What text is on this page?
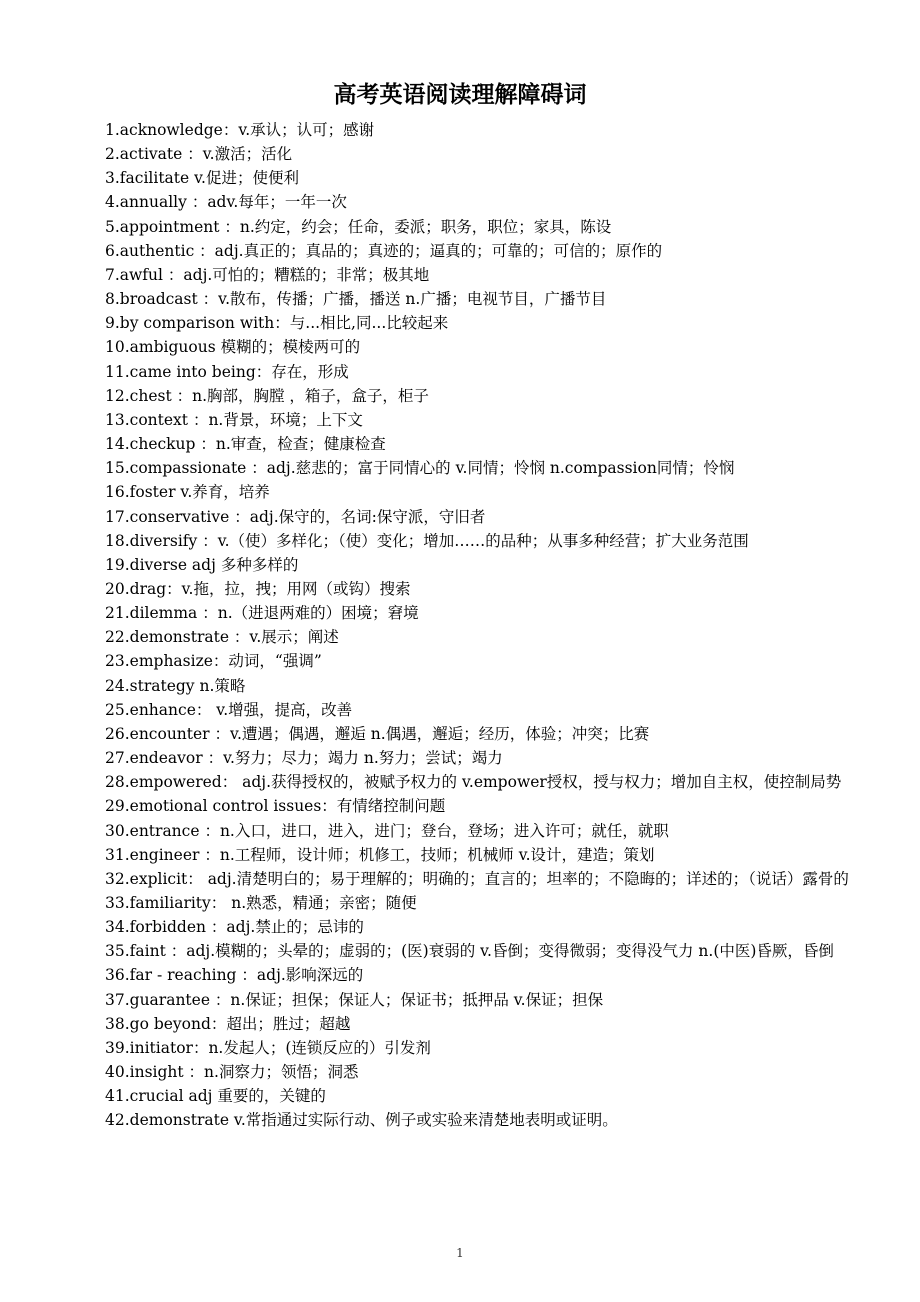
高考英语阅读理解障碍词

1.acknowledge：v.承认；认可；感谢

2.activate ：v.激活；活化

3.facilitate v.促进；使便利

4.annually ：adv.每年；一年一次

5.appointment ：n.约定，约会；任命，委派；职务，职位；家具，陈设

6.authentic ：adj.真正的；真品的；真迹的；逼真的；可靠的；可信的；原作的

7.awful ：adj.可怕的；糟糕的；非常；极其地

8.broadcast ：v.散布，传播；广播，播送 n.广播；电视节目，广播节目

9.by comparison with：与...相比,同...比较起来

10.ambiguous 模糊的；模棱两可的

11.came into being：存在，形成

12.chest ：n.胸部，胸膛 ，箱子，盒子，柜子

13.context ：n.背景，环境；上下文

14.checkup ：n.审查，检查；健康检查

15.compassionate ：adj.慈悲的；富于同情心的 v.同情；怜悯 n.compassion同情；怜悯

16.foster v.养育，培养

17.conservative ：adj.保守的，名词:保守派，守旧者

18.diversify ：v.（使）多样化；（使）变化；增加……的品种；从事多种经营；扩大业务范围

19.diverse adj 多种多样的

20.drag：v.拖，拉，拽；用网（或钩）搜索

21.dilemma ：n.（进退两难的）困境；窘境

22.demonstrate ：v.展示；阐述

23.emphasize：动词，“强调”

24.strategy n.策略

25.enhance： v.增强，提高，改善

26.encounter ：v.遭遇；偶遇，邂逅 n.偶遇，邂逅；经历，体验；冲突；比赛

27.endeavor ：v.努力；尽力；竭力 n.努力；尝试；竭力

28.empowered： adj.获得授权的，被赋予权力的 v.empower授权，授与权力；增加自主权，使控制局势

29.emotional control issues：有情绪控制问题

30.entrance ：n.入口，进口，进入，进门；登台，登场；进入许可；就任，就职

31.engineer ：n.工程师，设计师；机修工，技师；机械师 v.设计，建造；策划

32.explicit： adj.清楚明白的；易于理解的；明确的；直言的；坦率的；不隐晦的；详述的；（说话）露骨的

33.familiarity： n.熟悉，精通；亲密；随便

34.forbidden ：adj.禁止的；忌讳的

35.faint ：adj.模糊的；头晕的；虚弱的；(医)衰弱的 v.昏倒；变得微弱；变得没气力 n.(中医)昏厥，昏倒

36.far - reaching ：adj.影响深远的

37.guarantee ：n.保证；担保；保证人；保证书；抵押品 v.保证；担保

38.go beyond：超出；胜过；超越

39.initiator：n.发起人；(连锁反应的）引发剂

40.insight ：n.洞察力；领悟；洞悉

41.crucial adj 重要的，关键的

42.demonstrate v.常指通过实际行动、例子或实验来清楚地表明或证明。

1
